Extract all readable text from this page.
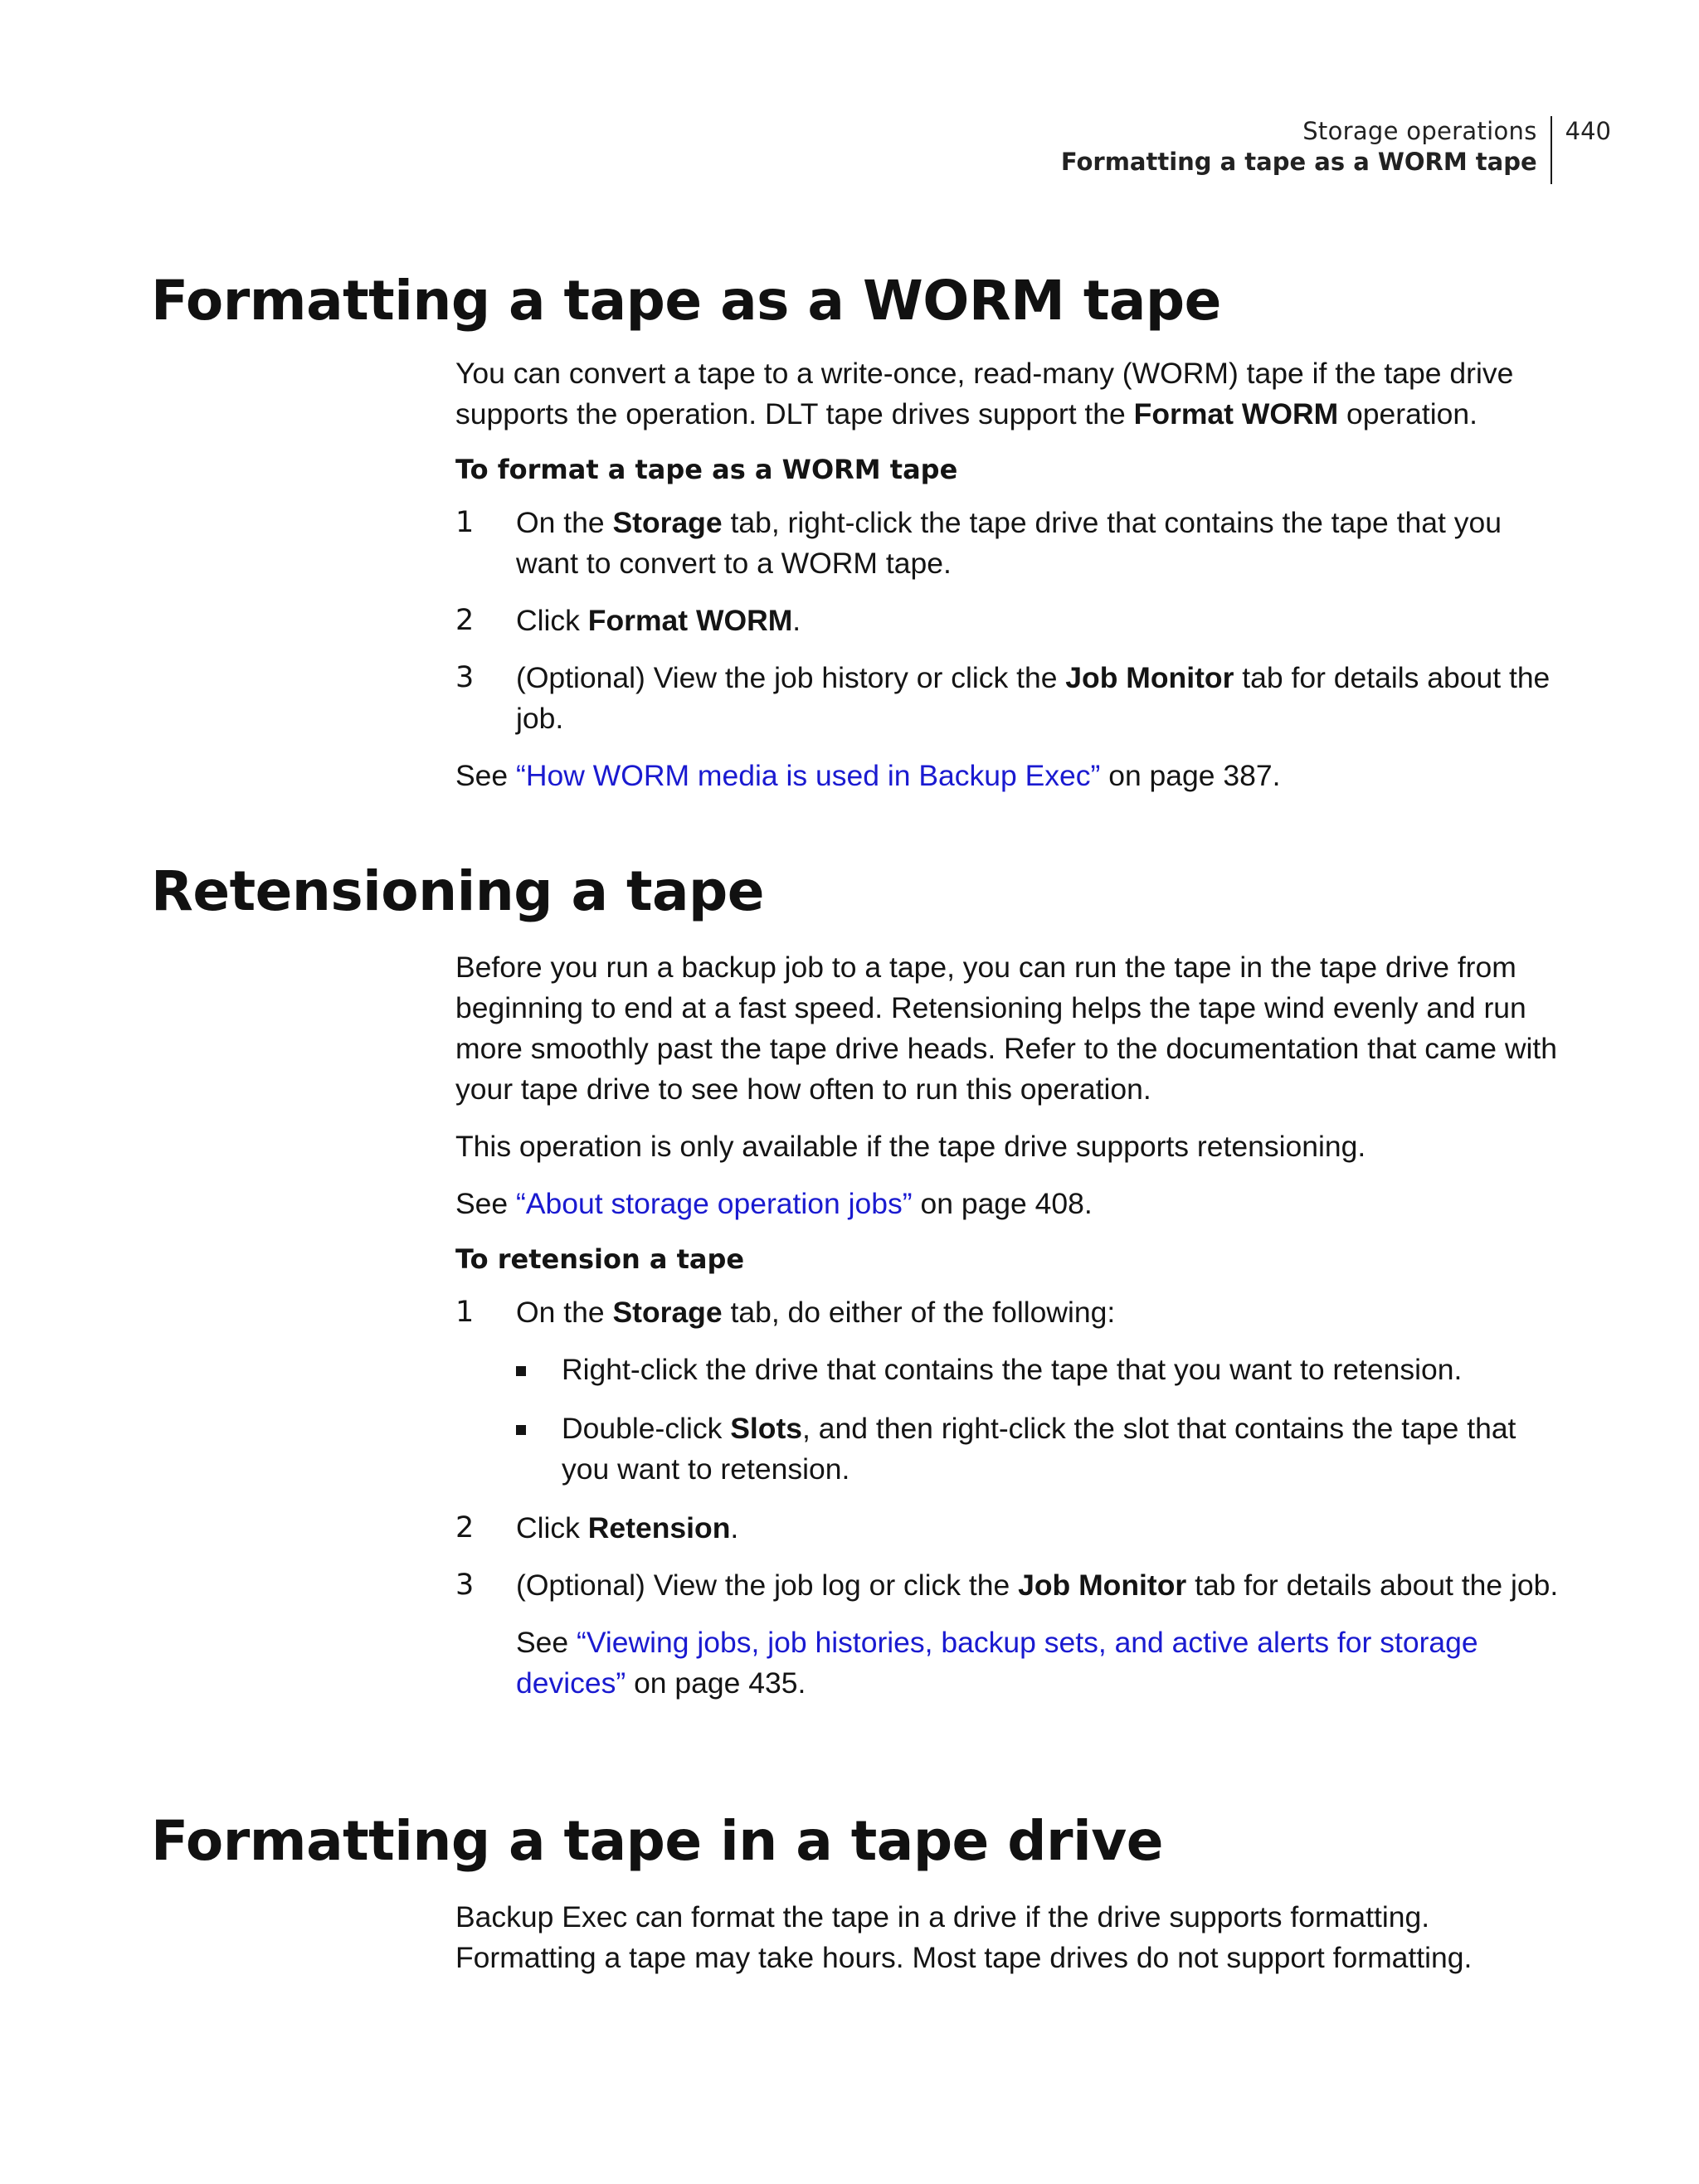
Storage operations
Formatting a tape as a WORM tape
440
Formatting a tape as a WORM tape

You can convert a tape to a write-once, read-many (WORM) tape if the tape drive supports the operation. DLT tape drives support the Format WORM operation.

To format a tape as a WORM tape

1 On the Storage tab, right-click the tape drive that contains the tape that you want to convert to a WORM tape.

2 Click Format WORM.

3 (Optional) View the job history or click the Job Monitor tab for details about the job.

See “How WORM media is used in Backup Exec” on page 387.

Retensioning a tape

Before you run a backup job to a tape, you can run the tape in the tape drive from beginning to end at a fast speed. Retensioning helps the tape wind evenly and run more smoothly past the tape drive heads. Refer to the documentation that came with your tape drive to see how often to run this operation.

This operation is only available if the tape drive supports retensioning.

See “About storage operation jobs” on page 408.

To retension a tape

1 On the Storage tab, do either of the following:

Right-click the drive that contains the tape that you want to retension.

Double-click Slots, and then right-click the slot that contains the tape that you want to retension.

2 Click Retension.

3 (Optional) View the job log or click the Job Monitor tab for details about the job.

See “Viewing jobs, job histories, backup sets, and active alerts for storage devices” on page 435.

Formatting a tape in a tape drive

Backup Exec can format the tape in a drive if the drive supports formatting. Formatting a tape may take hours. Most tape drives do not support formatting.
